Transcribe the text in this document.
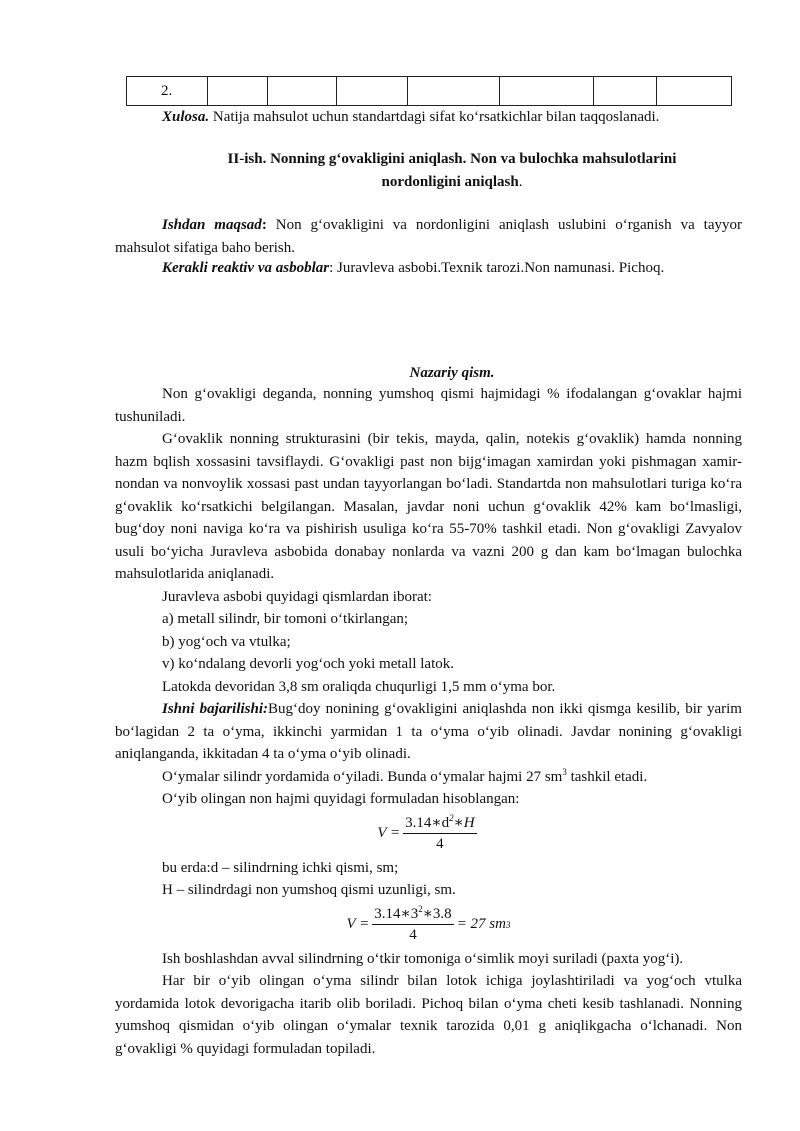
2.							

Xulosa. Natija mahsulot uchun standartdagi sifat ko‘rsatkichlar bilan taqqoslanadi.

II-ish. Nonning g‘ovakligini aniqlash. Non va bulochka mahsulotlarini

nordonligini aniqlash.

Ishdan maqsad: Non g‘ovakligini va nordonligini aniqlash uslubini o‘rganish va tayyor mahsulot sifatiga baho berish.

Kerakli reaktiv va asboblar: Juravleva asbobi.Texnik tarozi.Non namunasi. Pichoq.

Nazariy qism.

Non g‘ovakligi deganda, nonning yumshoq qismi hajmidagi % ifodalangan g‘ovaklar hajmi tushuniladi.

G‘ovaklik nonning strukturasini (bir tekis, mayda, qalin, notekis g‘ovaklik) hamda nonning hazm bqlish xossasini tavsiflaydi. G‘ovakligi past non bijg‘imagan xamirdan yoki pishmagan xamir-nondan va nonvoylik xossasi past undan tayyorlangan bo‘ladi. Standartda non mahsulotlari turiga ko‘ra g‘ovaklik ko‘rsatkichi belgilangan. Masalan, javdar noni uchun g‘ovaklik 42% kam bo‘lmasligi, bug‘doy noni naviga ko‘ra va pishirish usuliga ko‘ra 55-70% tashkil etadi. Non g‘ovakligi Zavyalov usuli bo‘yicha Juravleva asbobida donabay nonlarda va vazni 200 g dan kam bo‘lmagan bulochka mahsulotlarida aniqlanadi.

Juravleva asbobi quyidagi qismlardan iborat:

a) metall silindr, bir tomoni o‘tkirlangan;

b) yog‘och va vtulka;

v) ko‘ndalang devorli yog‘och yoki metall latok.

Latokda devoridan 3,8 sm oraliqda chuqurligi 1,5 mm o‘yma bor.

Ishni bajarilishi:Bug‘doy nonining g‘ovakligini aniqlashda non ikki qismga kesilib, bir yarim bo‘lagidan 2 ta o‘yma, ikkinchi yarmidan 1 ta o‘yma o‘yib olinadi. Javdar nonining g‘ovakligi aniqlanganda, ikkitadan 4 ta o‘yma o‘yib olinadi.

O‘ymalar silindr yordamida o‘yiladi. Bunda o‘ymalar hajmi 27 $sm^3$ tashkil etadi.

O‘yib olingan non hajmi quyidagi formuladan hisoblangan:

$V = \frac{3.14∗d^2∗H}{4}$

bu erda:d – silindrning ichki qismi, sm;

H – silindrdagi non yumshoq qismi uzunligi, sm.

$V = \frac{3.14∗3^2∗3.8}{4} = 27$ sm 3

Ish boshlashdan avval silindrning o‘tkir tomoniga o‘simlik moyi suriladi (paxta yog‘i).

Har bir o‘yib olingan o‘yma silindr bilan lotok ichiga joylashtiriladi va yog‘och vtulka yordamida lotok devorigacha itarib olib boriladi. Pichoq bilan o‘yma cheti kesib tashlanadi. Nonning yumshoq qismidan o‘yib olingan o‘ymalar texnik tarozida 0,01 g aniqlikgacha o‘lchanadi. Non g‘ovakligi % quyidagi formuladan topiladi.
